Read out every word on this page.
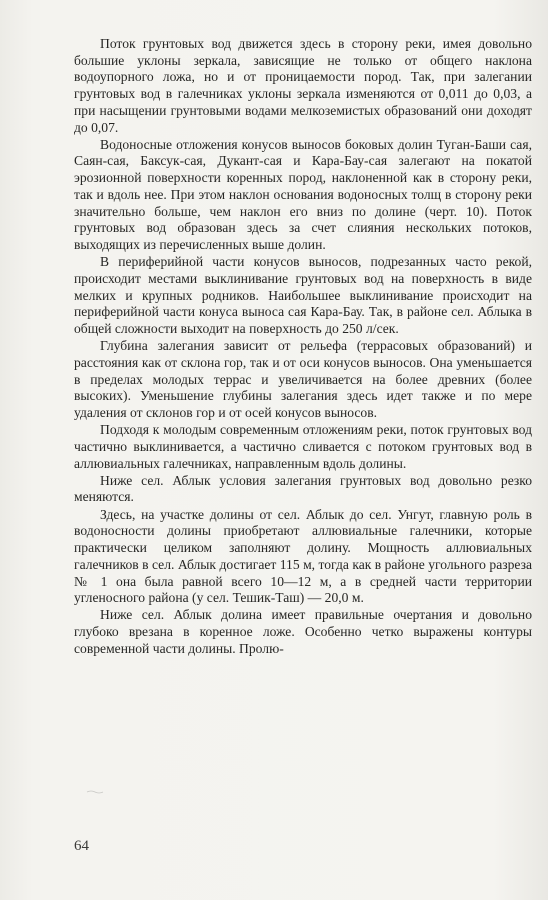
Поток грунтовых вод движется здесь в сторону реки, имея довольно большие уклоны зеркала, зависящие не только от общего наклона водоупорного ложа, но и от проницаемости пород. Так, при залегании грунтовых вод в галечниках уклоны зеркала изменяются от 0,011 до 0,03, а при насыщении грунтовыми водами мелкоземистых образований они доходят до 0,07.

Водоносные отложения конусов выносов боковых долин Туган-Баши сая, Саян-сая, Баксук-сая, Дукант-сая и Кара-Бау-сая залегают на покатой эрозионной поверхности коренных пород, наклоненной как в сторону реки, так и вдоль нее. При этом наклон основания водоносных толщ в сторону реки значительно больше, чем наклон его вниз по долине (черт. 10). Поток грунтовых вод образован здесь за счет слияния нескольких потоков, выходящих из перечисленных выше долин.

В периферийной части конусов выносов, подрезанных часто рекой, происходит местами выклинивание грунтовых вод на поверхность в виде мелких и крупных родников. Наибольшее выклинивание происходит на периферийной части конуса выноса сая Кара-Бау. Так, в районе сел. Аблыка в общей сложности выходит на поверхность до 250 л/сек.

Глубина залегания зависит от рельефа (террасовых образований) и расстояния как от склона гор, так и от оси конусов выносов. Она уменьшается в пределах молодых террас и увеличивается на более древних (более высоких). Уменьшение глубины залегания здесь идет также и по мере удаления от склонов гор и от осей конусов выносов.

Подходя к молодым современным отложениям реки, поток грунтовых вод частично выклинивается, а частично сливается с потоком грунтовых вод в аллювиальных галечниках, направленным вдоль долины.

Ниже сел. Аблык условия залегания грунтовых вод довольно резко меняются.

Здесь, на участке долины от сел. Аблык до сел. Унгут, главную роль в водоносности долины приобретают аллювиальные галечники, которые практически целиком заполняют долину. Мощность аллювиальных галечников в сел. Аблык достигает 115 м, тогда как в районе угольного разреза № 1 она была равной всего 10—12 м, а в средней части территории угленосного района (у сел. Тешик-Таш) — 20,0 м.

Ниже сел. Аблык долина имеет правильные очертания и довольно глубоко врезана в коренное ложе. Особенно четко выражены контуры современной части долины. Пролю-

64
